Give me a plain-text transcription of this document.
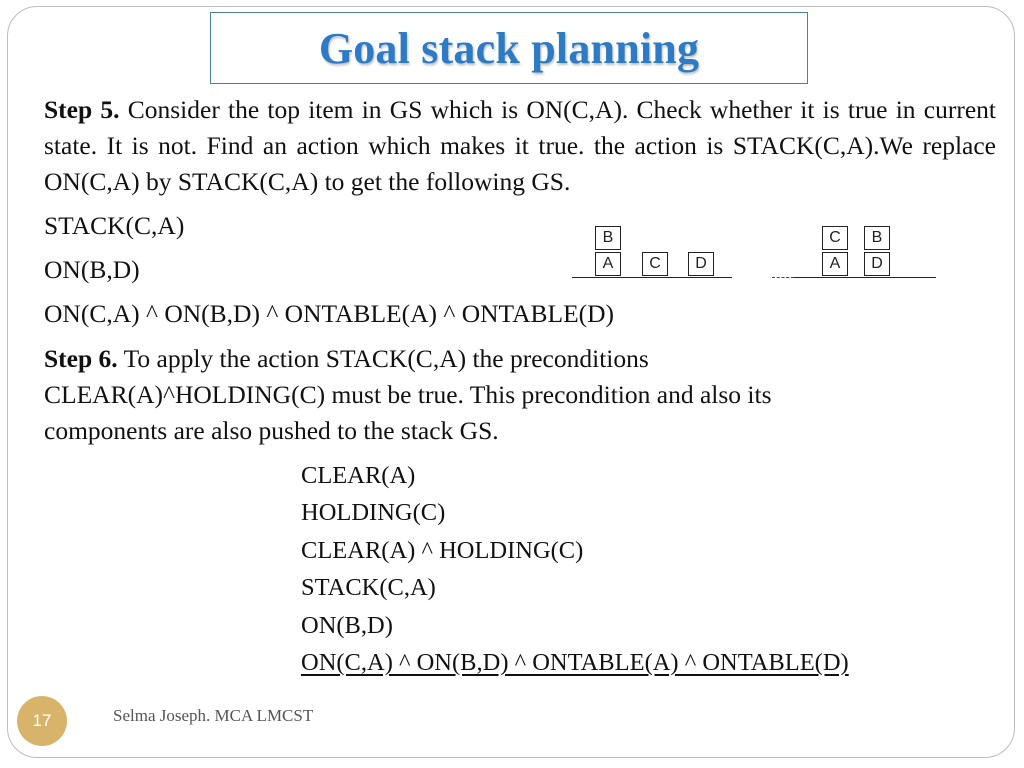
Goal stack planning

Step 5. Consider the top item in GS which is ON(C,A). Check whether it is true in current state. It is not. Find an action which makes it true. the action is STACK(C,A).We replace ON(C,A) by STACK(C,A) to get the following GS.

STACK(C,A)
ON(B,D)
ON(C,A) ^ ON(B,D) ^ ONTABLE(A) ^ ONTABLE(D)
B
A	C	D
C
A
B
D
Step 6. To apply the action STACK(C,A) the preconditions
CLEAR(A)^HOLDING(C) must be true. This precondition and also its
components are also pushed to the stack GS.
CLEAR(A)
HOLDING(C)
CLEAR(A) ^ HOLDING(C)
STACK(C,A)
ON(B,D)
ON(C,A) ^ ON(B,D) ^ ONTABLE(A) ^ ONTABLE(D)
17	Selma Joseph. MCA LMCST
